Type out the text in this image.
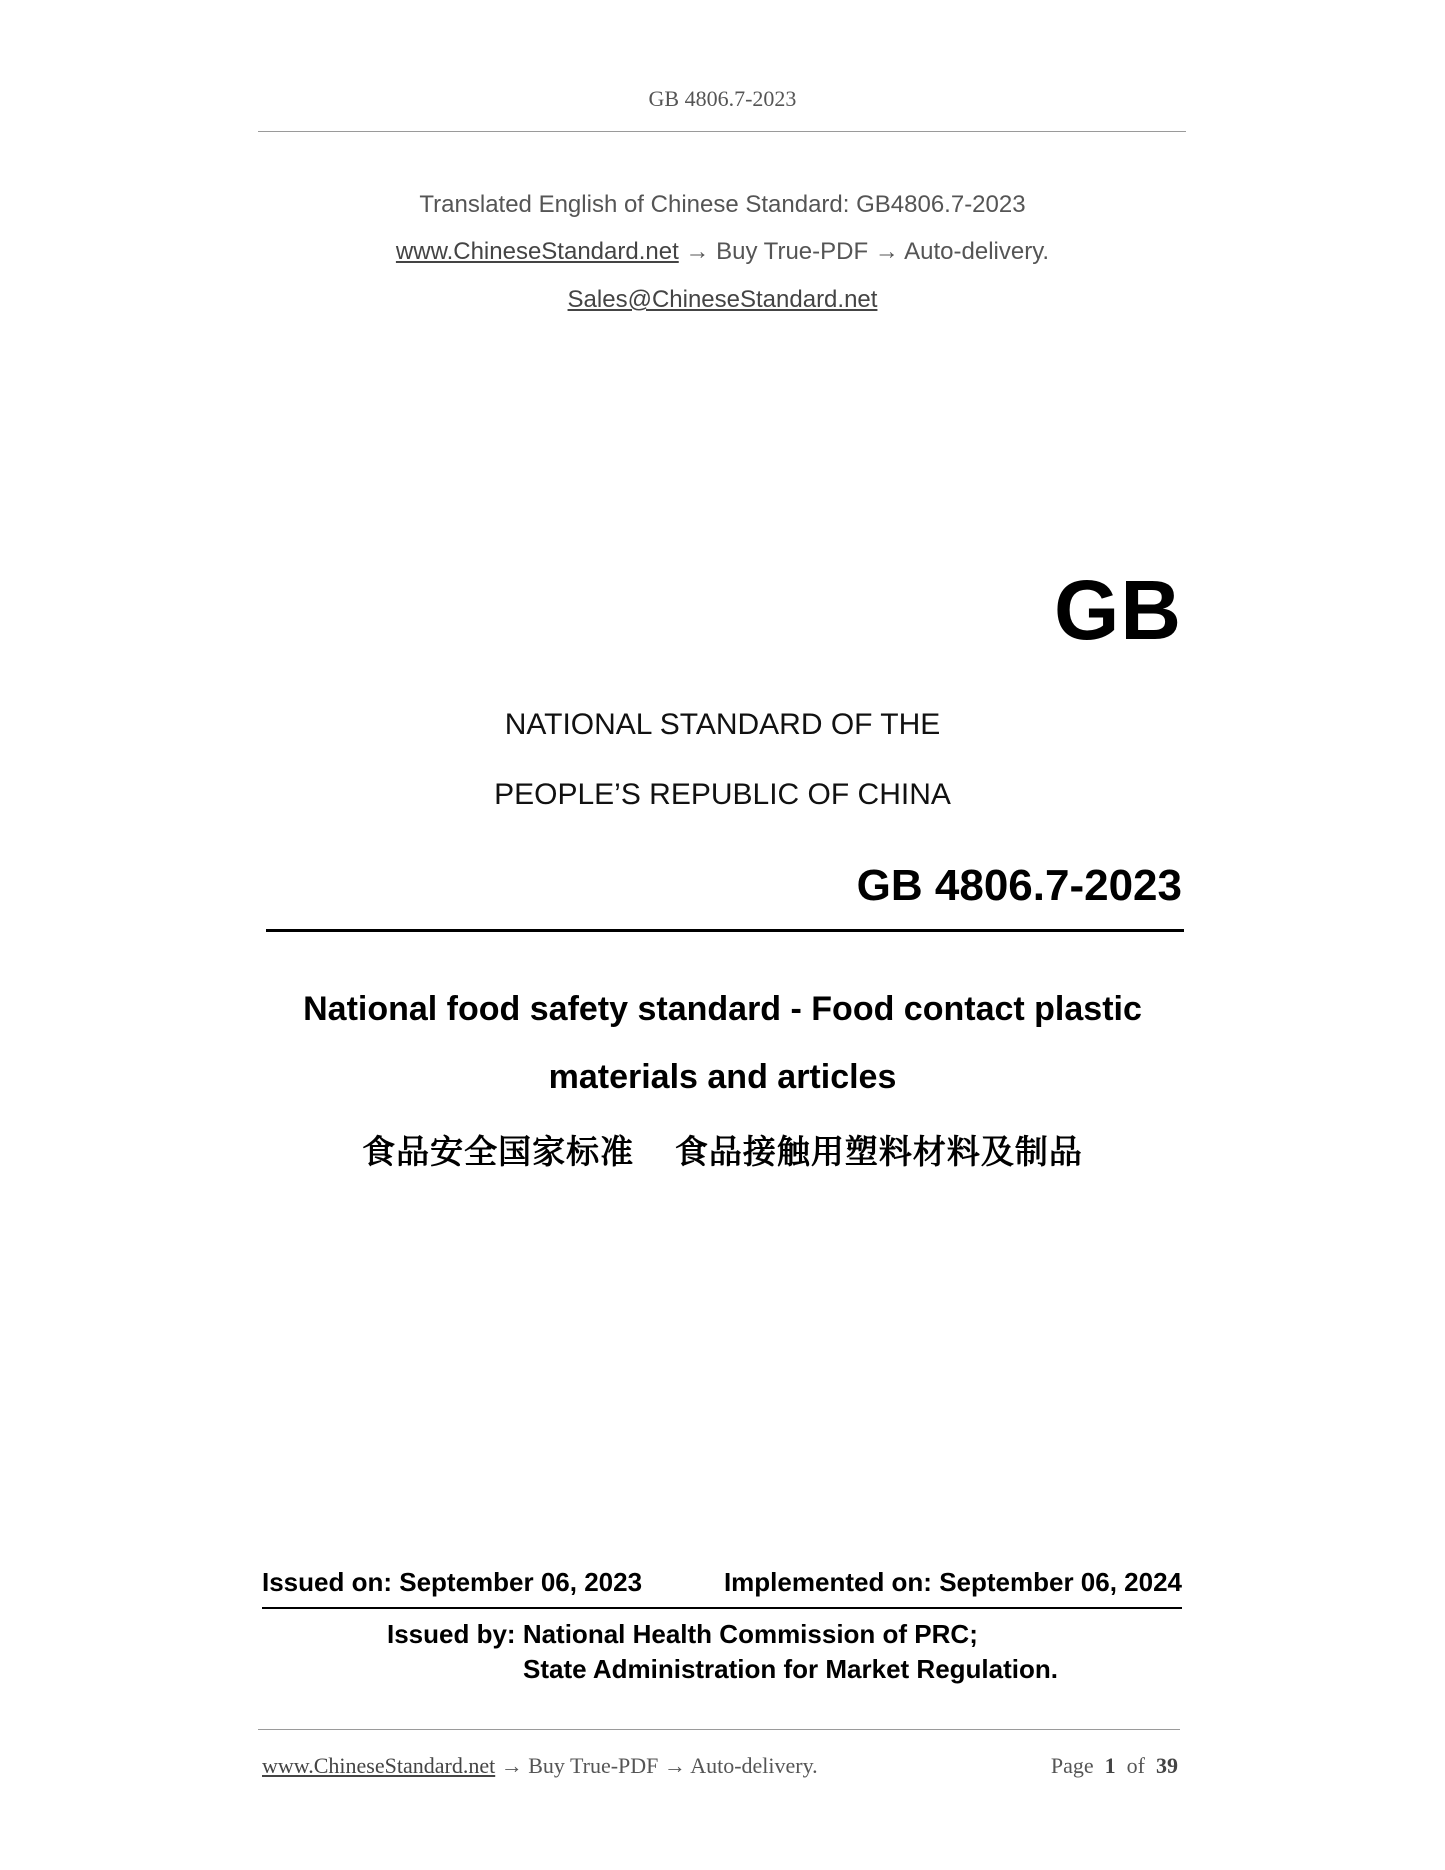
GB 4806.7-2023
Translated English of Chinese Standard: GB4806.7-2023
www.ChineseStandard.net → Buy True-PDF → Auto-delivery.
Sales@ChineseStandard.net
GB
NATIONAL STANDARD OF THE
PEOPLE’S REPUBLIC OF CHINA
GB 4806.7-2023
National food safety standard - Food contact plastic
materials and articles
食品安全国家标准    食品接触用塑料材料及制品
Issued on: September 06, 2023	Implemented on: September 06, 2024
Issued by: National Health Commission of PRC;
State Administration for Market Regulation.
www.ChineseStandard.net → Buy True-PDF → Auto-delivery.	Page 1 of 39
